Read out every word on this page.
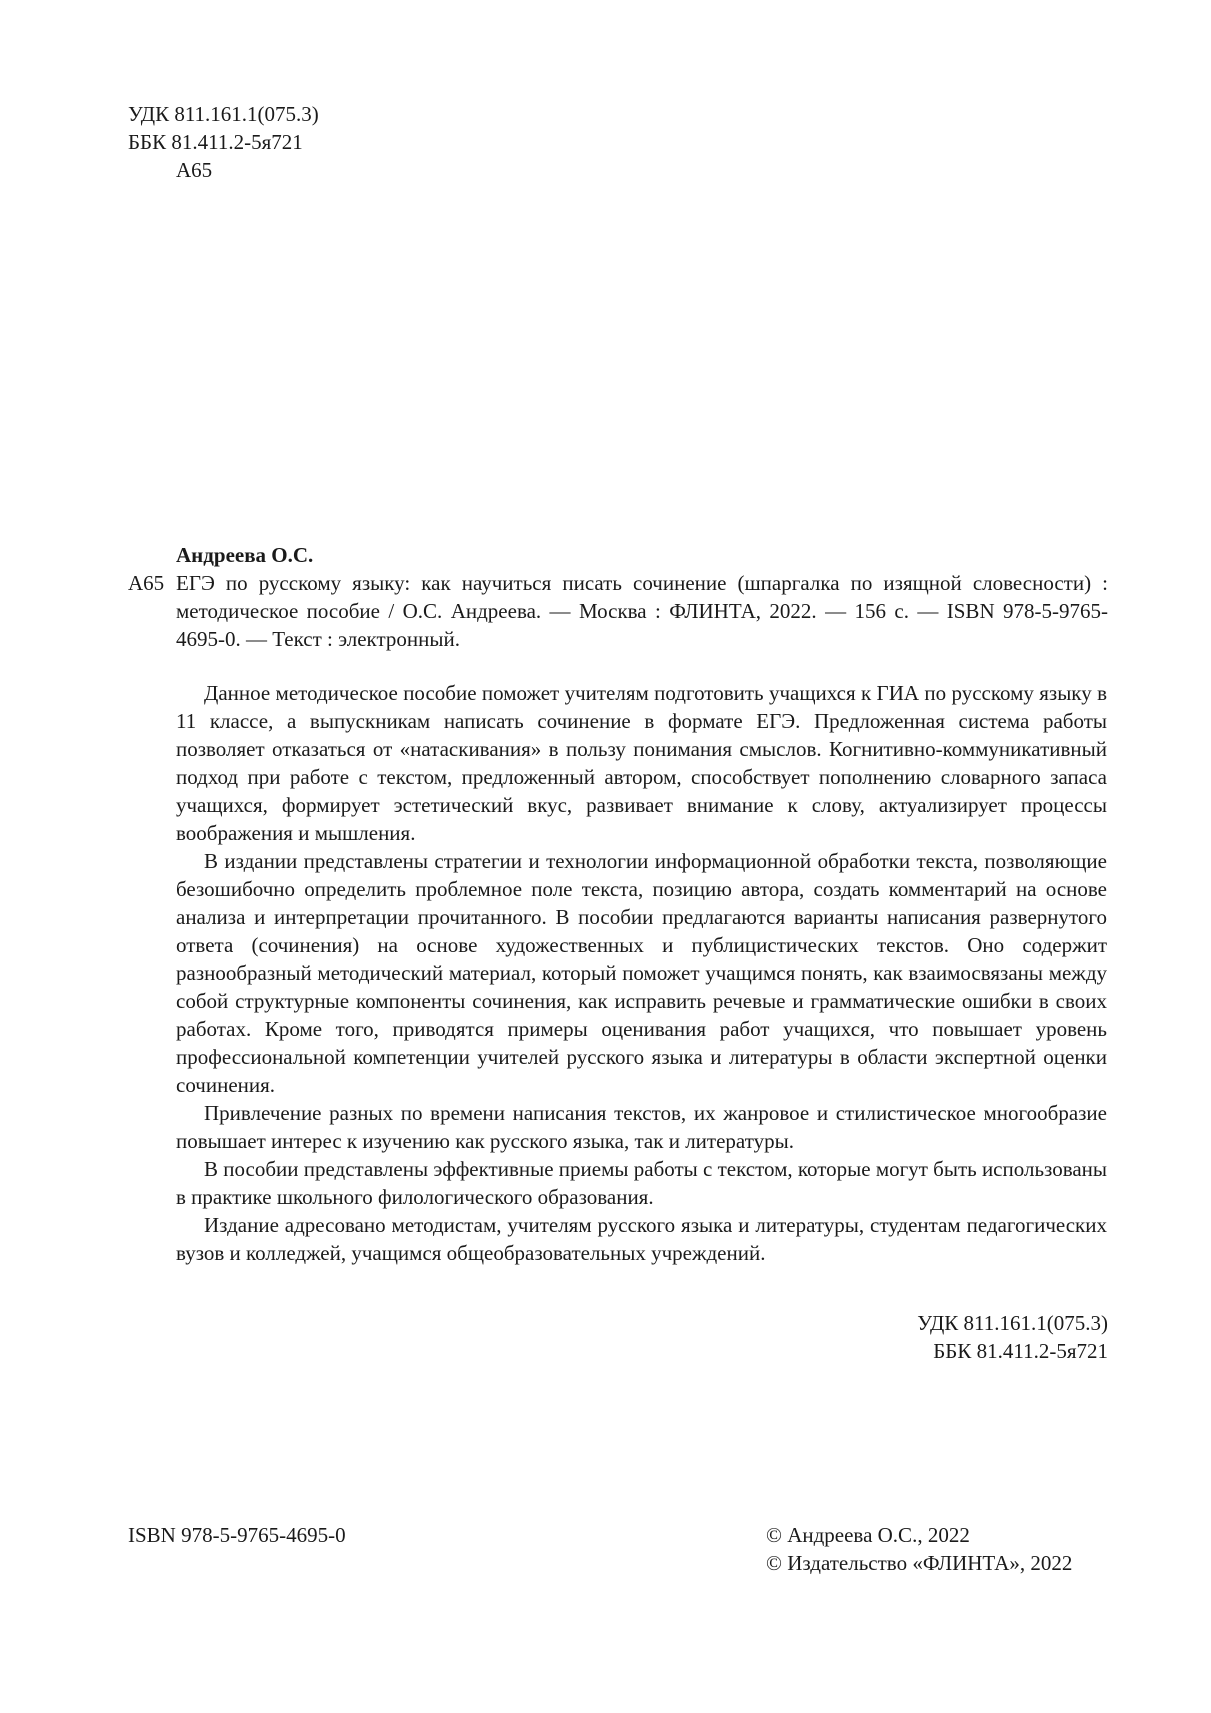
УДК 811.161.1(075.3)
ББК 81.411.2-5я721
А65
Андреева О.С.
А65 ЕГЭ по русскому языку: как научиться писать сочинение (шпаргалка по изящной словесности) : методическое пособие / О.С. Андреева. — Москва : ФЛИНТА, 2022. — 156 с. — ISBN 978-5-9765-4695-0. — Текст : электронный.

Данное методическое пособие поможет учителям подготовить учащихся к ГИА по русскому языку в 11 классе, а выпускникам написать сочинение в формате ЕГЭ. Предложенная система работы позволяет отказаться от «натаскивания» в пользу понимания смыслов. Когнитивно-коммуникативный подход при работе с текстом, предложенный автором, способствует пополнению словарного запаса учащихся, формирует эстетический вкус, развивает внимание к слову, актуализирует процессы воображения и мышления.

В издании представлены стратегии и технологии информационной обработки текста, позволяющие безошибочно определить проблемное поле текста, позицию автора, создать комментарий на основе анализа и интерпретации прочитанного. В пособии предлагаются варианты написания развернутого ответа (сочинения) на основе художественных и публицистических текстов. Оно содержит разнообразный методический материал, который поможет учащимся понять, как взаимосвязаны между собой структурные компоненты сочинения, как исправить речевые и грамматические ошибки в своих работах. Кроме того, приводятся примеры оценивания работ учащихся, что повышает уровень профессиональной компетенции учителей русского языка и литературы в области экспертной оценки сочинения.

Привлечение разных по времени написания текстов, их жанровое и стилистическое многообразие повышает интерес к изучению как русского языка, так и литературы.

В пособии представлены эффективные приемы работы с текстом, которые могут быть использованы в практике школьного филологического образования.

Издание адресовано методистам, учителям русского языка и литературы, студентам педагогических вузов и колледжей, учащимся общеобразовательных учреждений.

УДК 811.161.1(075.3)
ББК 81.411.2-5я721
ISBN 978-5-9765-4695-0	© Андреева О.С., 2022
© Издательство «ФЛИНТА», 2022
